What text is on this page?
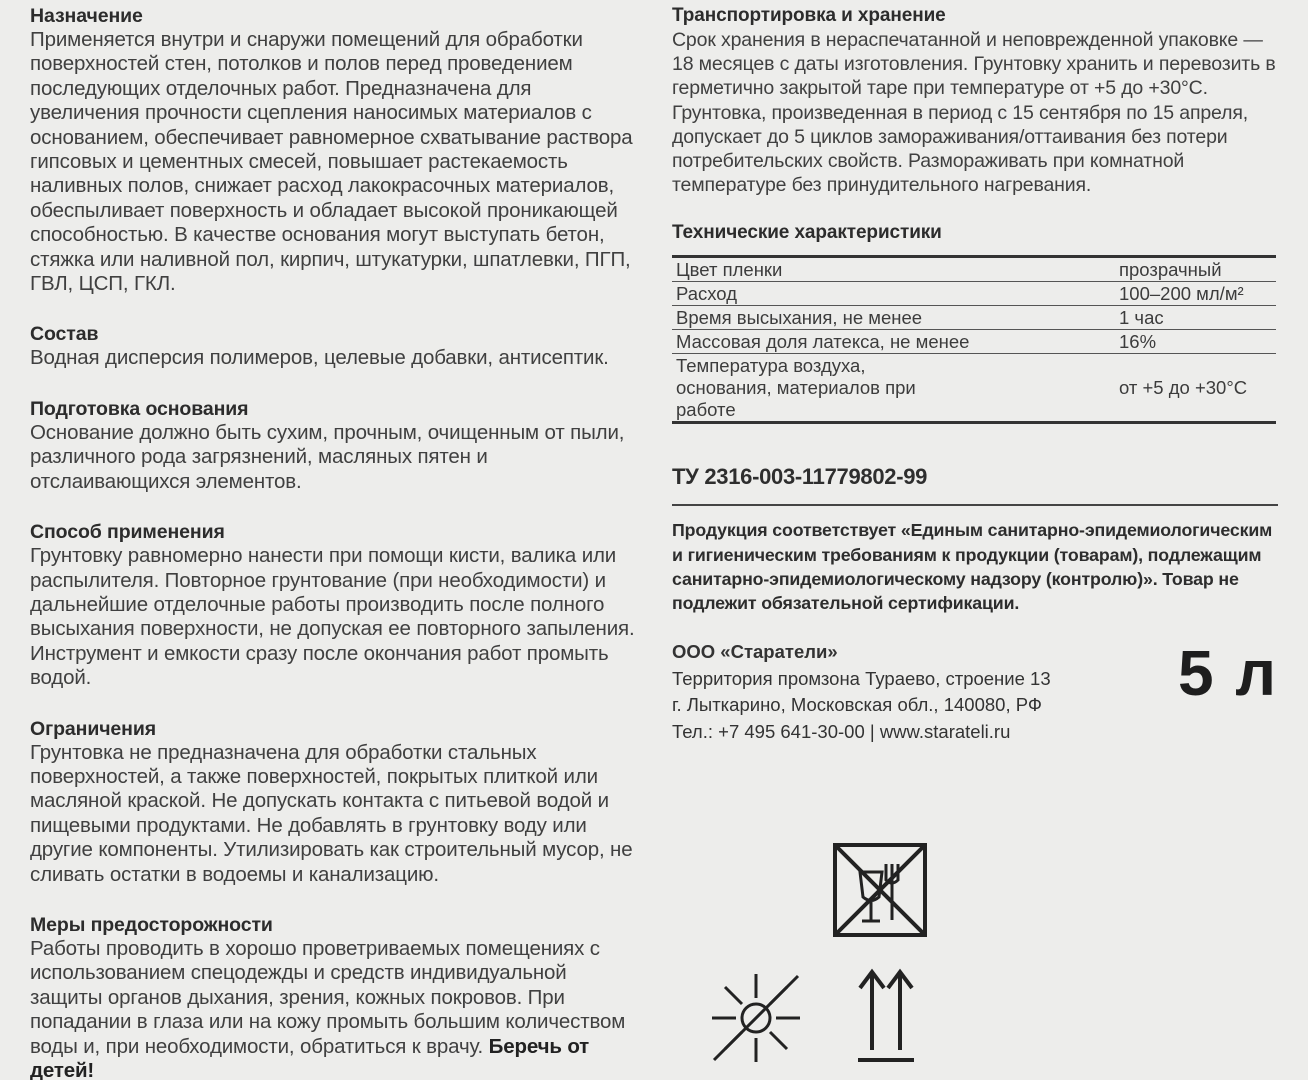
Назначение

Применяется внутри и снаружи помещений для обработки поверхностей стен, потолков и полов перед проведением последующих отделочных работ. Предназначена для увеличения прочности сцепления наносимых материалов с основанием, обеспечивает равномерное схватывание раствора гипсовых и цементных смесей, повышает растекаемость наливных полов, снижает расход лакокрасочных материалов, обеспыливает поверхность и обладает высокой проникающей способностью. В качестве основания могут выступать бетон, стяжка или наливной пол, кирпич, штукатурки, шпатлевки, ПГП, ГВЛ, ЦСП, ГКЛ.

Состав

Водная дисперсия полимеров, целевые добавки, антисептик.

Подготовка основания

Основание должно быть сухим, прочным, очищенным от пыли, различного рода загрязнений, масляных пятен и отслаивающихся элементов.

Способ применения

Грунтовку равномерно нанести при помощи кисти, валика или распылителя. Повторное грунтование (при необходимости) и дальнейшие отделочные работы производить после полного высыхания поверхности, не допуская ее повторного запыления. Инструмент и емкости сразу после окончания работ промыть водой.

Ограничения

Грунтовка не предназначена для обработки стальных поверхностей, а также поверхностей, покрытых плиткой или масляной краской. Не допускать контакта с питьевой водой и пищевыми продуктами. Не добавлять в грунтовку воду или другие компоненты. Утилизировать как строительный мусор, не сливать остатки в водоемы и канализацию.

Меры предосторожности

Работы проводить в хорошо проветриваемых помещениях с использованием спецодежды и средств индивидуальной защиты органов дыхания, зрения, кожных покровов. При попадании в глаза или на кожу промыть большим количеством воды и, при необходимости, обратиться к врачу. Беречь от детей!

Транспортировка и хранение

Срок хранения в нераспечатанной и неповрежденной упаковке — 18 месяцев с даты изготовления. Грунтовку хранить и перевозить в герметично закрытой таре при температуре от +5 до +30°С. Грунтовка, произведенная в период с 15 сентября по 15 апреля, допускает до 5 циклов замораживания/оттаивания без потери потребительских свойств. Размораживать при комнатной температуре без принудительного нагревания.

Технические характеристики
Цвет пленки	прозрачный
Расход	100–200 мл/м²
Время высыхания, не менее	1 час
Массовая доля латекса, не менее	16%
Температура воздуха, основания, материалов при работе	от +5 до +30°С
ТУ 2316-003-11779802-99
Продукция соответствует «Единым санитарно-эпидемиологическим и гигиеническим требованиям к продукции (товарам), подлежащим санитарно-эпидемиологическому надзору (контролю)». Товар не подлежит обязательной сертификации.
ООО «Старатели»
Территория промзона Тураево, строение 13
г. Лыткарино, Московская обл., 140080, РФ
Тел.: +7 495 641-30-00 | www.starateli.ru
5 л
